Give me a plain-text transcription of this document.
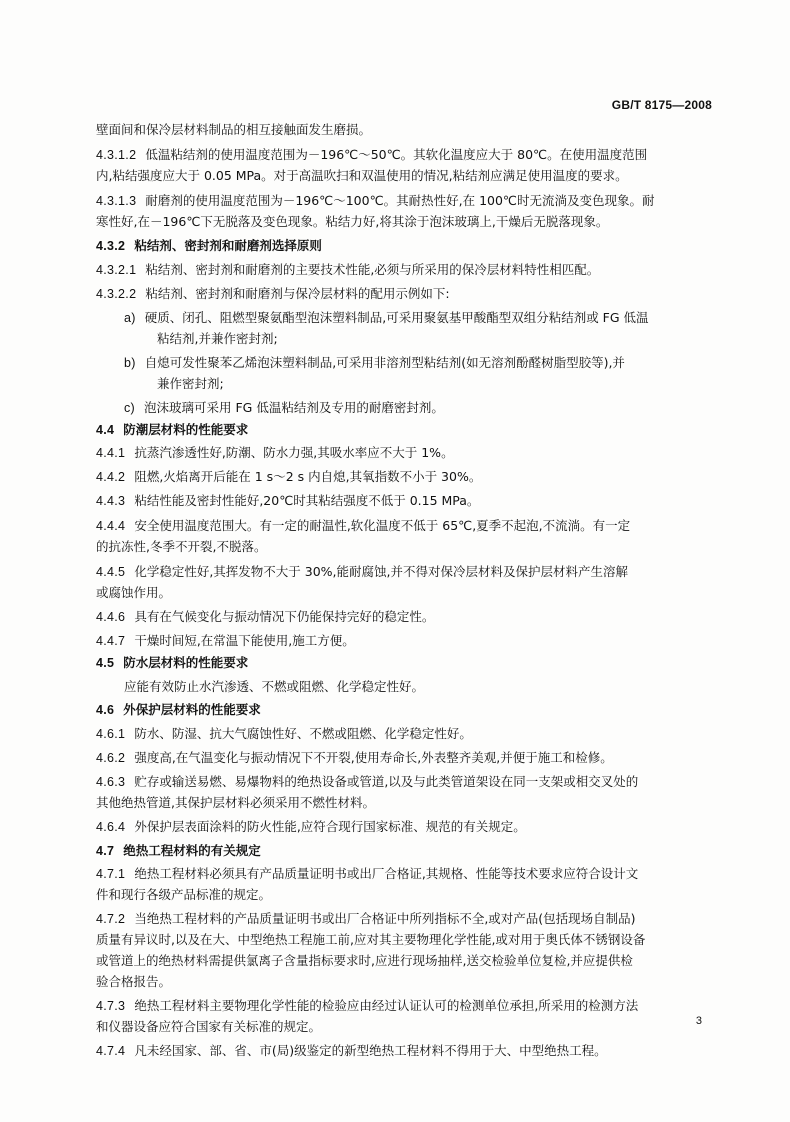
GB/T 8175—2008
壁面间和保冷层材料制品的相互接触面发生磨损。
4.3.1.2 低温粘结剂的使用温度范围为－196℃～50℃。其软化温度应大于 80℃。在使用温度范围
内,粘结强度应大于 0.05 MPa。对于高温吹扫和双温使用的情况,粘结剂应满足使用温度的要求。
4.3.1.3 耐磨剂的使用温度范围为－196℃～100℃。其耐热性好,在 100℃时无流淌及变色现象。耐
寒性好,在－196℃下无脱落及变色现象。粘结力好,将其涂于泡沫玻璃上,干燥后无脱落现象。
4.3.2 粘结剂、密封剂和耐磨剂选择原则
4.3.2.1 粘结剂、密封剂和耐磨剂的主要技术性能,必须与所采用的保冷层材料特性相匹配。
4.3.2.2 粘结剂、密封剂和耐磨剂与保冷层材料的配用示例如下:
a) 硬质、闭孔、阻燃型聚氨酯型泡沫塑料制品,可采用聚氨基甲酸酯型双组分粘结剂或 FG 低温
粘结剂,并兼作密封剂;
b) 自熄可发性聚苯乙烯泡沫塑料制品,可采用非溶剂型粘结剂(如无溶剂酚醛树脂型胶等),并
兼作密封剂;
c) 泡沫玻璃可采用 FG 低温粘结剂及专用的耐磨密封剂。
4.4 防潮层材料的性能要求
4.4.1 抗蒸汽渗透性好,防潮、防水力强,其吸水率应不大于 1%。
4.4.2 阻燃,火焰离开后能在 1 s～2 s 内自熄,其氧指数不小于 30%。
4.4.3 粘结性能及密封性能好,20℃时其粘结强度不低于 0.15 MPa。
4.4.4 安全使用温度范围大。有一定的耐温性,软化温度不低于 65℃,夏季不起泡,不流淌。有一定
的抗冻性,冬季不开裂,不脱落。
4.4.5 化学稳定性好,其挥发物不大于 30%,能耐腐蚀,并不得对保冷层材料及保护层材料产生溶解
或腐蚀作用。
4.4.6 具有在气候变化与振动情况下仍能保持完好的稳定性。
4.4.7 干燥时间短,在常温下能使用,施工方便。
4.5 防水层材料的性能要求
应能有效防止水汽渗透、不燃或阻燃、化学稳定性好。
4.6 外保护层材料的性能要求
4.6.1 防水、防湿、抗大气腐蚀性好、不燃或阻燃、化学稳定性好。
4.6.2 强度高,在气温变化与振动情况下不开裂,使用寿命长,外表整齐美观,并便于施工和检修。
4.6.3 贮存或输送易燃、易爆物料的绝热设备或管道,以及与此类管道架设在同一支架或相交叉处的
其他绝热管道,其保护层材料必须采用不燃性材料。
4.6.4 外保护层表面涂料的防火性能,应符合现行国家标准、规范的有关规定。
4.7 绝热工程材料的有关规定
4.7.1 绝热工程材料必须具有产品质量证明书或出厂合格证,其规格、性能等技术要求应符合设计文
件和现行各级产品标准的规定。
4.7.2 当绝热工程材料的产品质量证明书或出厂合格证中所列指标不全,或对产品(包括现场自制品)
质量有异议时,以及在大、中型绝热工程施工前,应对其主要物理化学性能,或对用于奥氏体不锈钢设备
或管道上的绝热材料需提供氯离子含量指标要求时,应进行现场抽样,送交检验单位复检,并应提供检
验合格报告。
4.7.3 绝热工程材料主要物理化学性能的检验应由经过认证认可的检测单位承担,所采用的检测方法
和仪器设备应符合国家有关标准的规定。
4.7.4 凡未经国家、部、省、市(局)级鉴定的新型绝热工程材料不得用于大、中型绝热工程。
3
